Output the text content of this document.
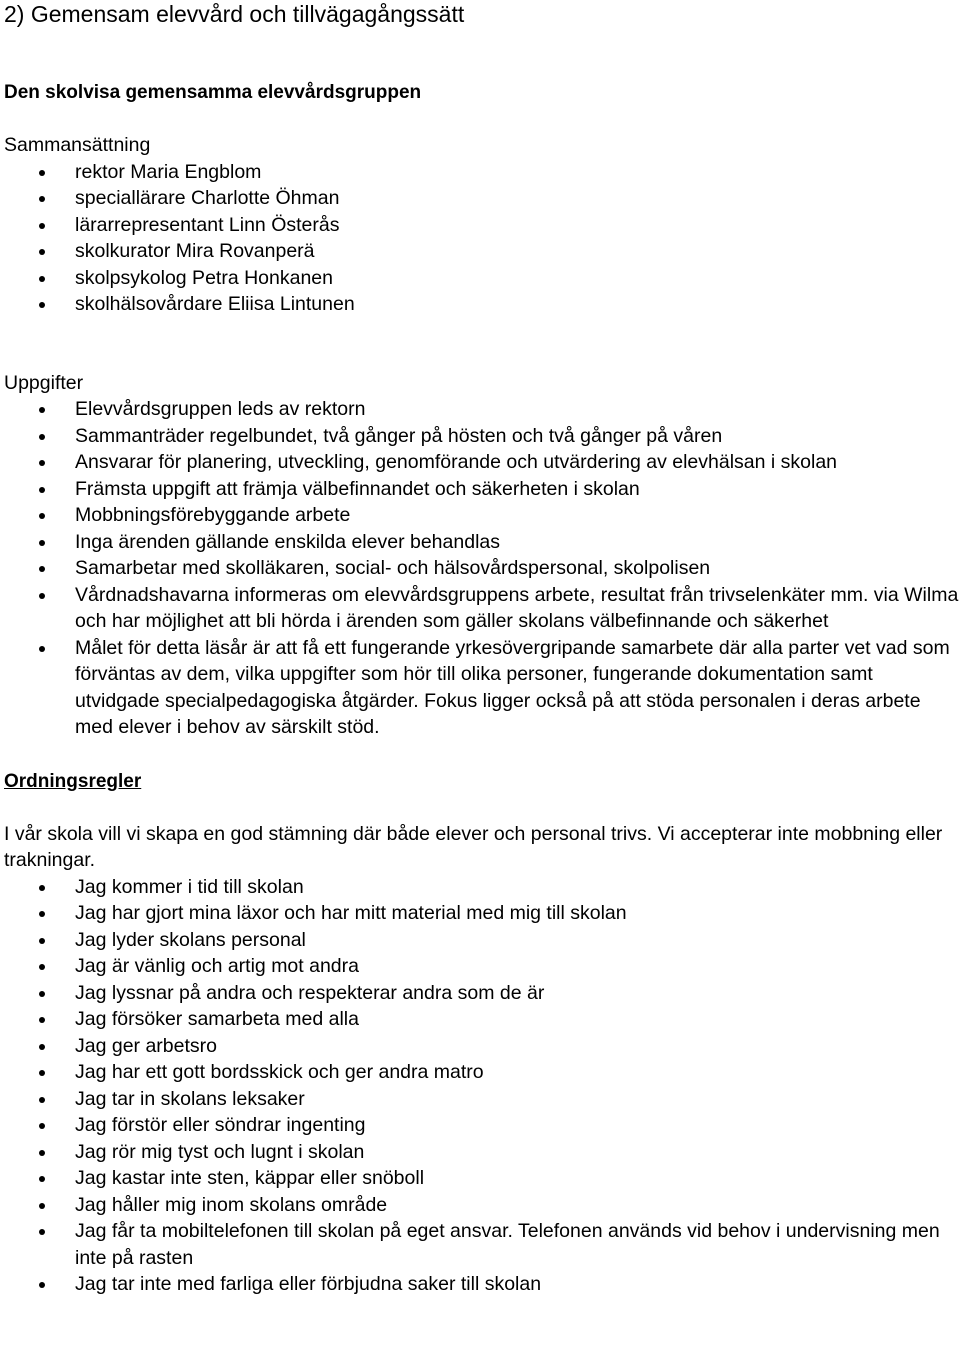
2) Gemensam elevvård och tillvägagångssätt
Den skolvisa gemensamma elevvårdsgruppen

Sammansättning

rektor Maria Engblom
speciallärare Charlotte Öhman
lärarrepresentant Linn Österås
skolkurator Mira Rovanperä
skolpsykolog Petra Honkanen
skolhälsovårdare Eliisa Lintunen

Uppgifter

Elevvårdsgruppen leds av rektorn
Sammanträder regelbundet, två gånger på hösten och två gånger på våren
Ansvarar för planering, utveckling, genomförande och utvärdering av elevhälsan i skolan
Främsta uppgift att främja välbefinnandet och säkerheten i skolan
Mobbningsförebyggande arbete
Inga ärenden gällande enskilda elever behandlas
Samarbetar med skolläkaren, social- och hälsovårdspersonal, skolpolisen
Vårdnadshavarna informeras om elevvårdsgruppens arbete, resultat från trivselenkäter mm. via Wilma och har möjlighet att bli hörda i ärenden som gäller skolans välbefinnande och säkerhet
Målet för detta läsår är att få ett fungerande yrkesövergripande samarbete där alla parter vet vad som förväntas av dem, vilka uppgifter som hör till olika personer, fungerande dokumentation samt utvidgade specialpedagogiska åtgärder. Fokus ligger också på att stöda personalen i deras arbete med elever i behov av särskilt stöd.
Ordningsregler

I vår skola vill vi skapa en god stämning där både elever och personal trivs. Vi accepterar inte mobbning eller trakningar.

Jag kommer i tid till skolan
Jag har gjort mina läxor och har mitt material med mig till skolan
Jag lyder skolans personal
Jag är vänlig och artig mot andra
Jag lyssnar på andra och respekterar andra som de är
Jag försöker samarbeta med alla
Jag ger arbetsro
Jag har ett gott bordsskick och ger andra matro
Jag tar in skolans leksaker
Jag förstör eller söndrar ingenting
Jag rör mig tyst och lugnt i skolan
Jag kastar inte sten, käppar eller snöboll
Jag håller mig inom skolans område
Jag får ta mobiltelefonen till skolan på eget ansvar. Telefonen används vid behov i undervisning men inte på rasten
Jag tar inte med farliga eller förbjudna saker till skolan
